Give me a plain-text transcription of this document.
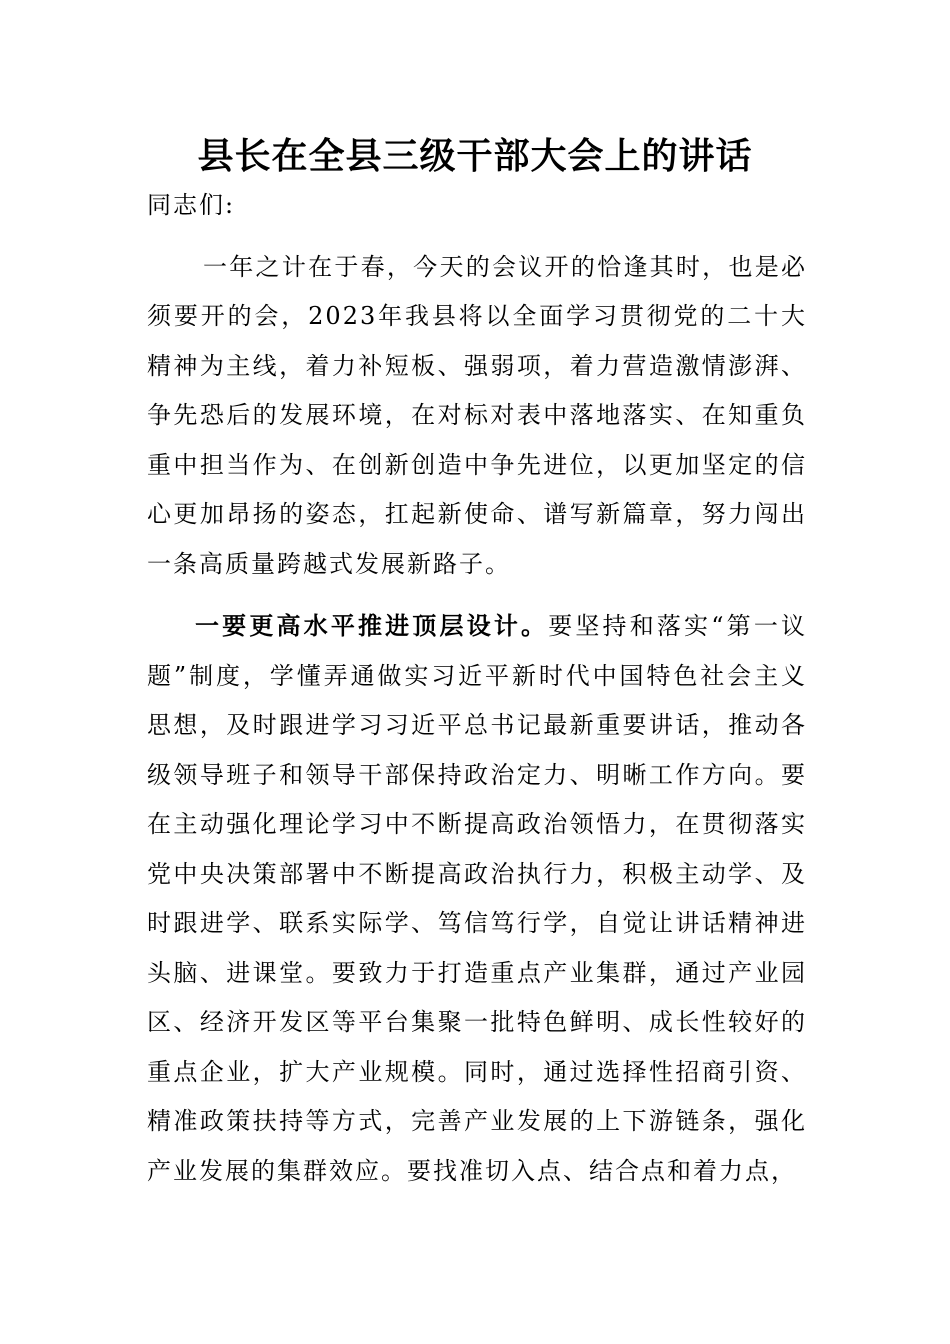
县长在全县三级干部大会上的讲话

同志们:

一年之计在于春，今天的会议开的恰逢其时，也是必须要开的会，2023年我县将以全面学习贯彻党的二十大精神为主线，着力补短板、强弱项，着力营造激情澎湃、争先恐后的发展环境，在对标对表中落地落实、在知重负重中担当作为、在创新创造中争先进位，以更加坚定的信心更加昂扬的姿态，扛起新使命、谱写新篇章，努力闯出一条高质量跨越式发展新路子。

一要更高水平推进顶层设计。要坚持和落实“第一议题”制度，学懂弄通做实习近平新时代中国特色社会主义思想，及时跟进学习习近平总书记最新重要讲话，推动各级领导班子和领导干部保持政治定力、明晰工作方向。要在主动强化理论学习中不断提高政治领悟力，在贯彻落实党中央决策部署中不断提高政治执行力，积极主动学、及时跟进学、联系实际学、笃信笃行学，自觉让讲话精神进头脑、进课堂。要致力于打造重点产业集群，通过产业园区、经济开发区等平台集聚一批特色鲜明、成长性较好的重点企业，扩大产业规模。同时，通过选择性招商引资、精准政策扶持等方式，完善产业发展的上下游链条，强化产业发展的集群效应。要找准切入点、结合点和着力点，
